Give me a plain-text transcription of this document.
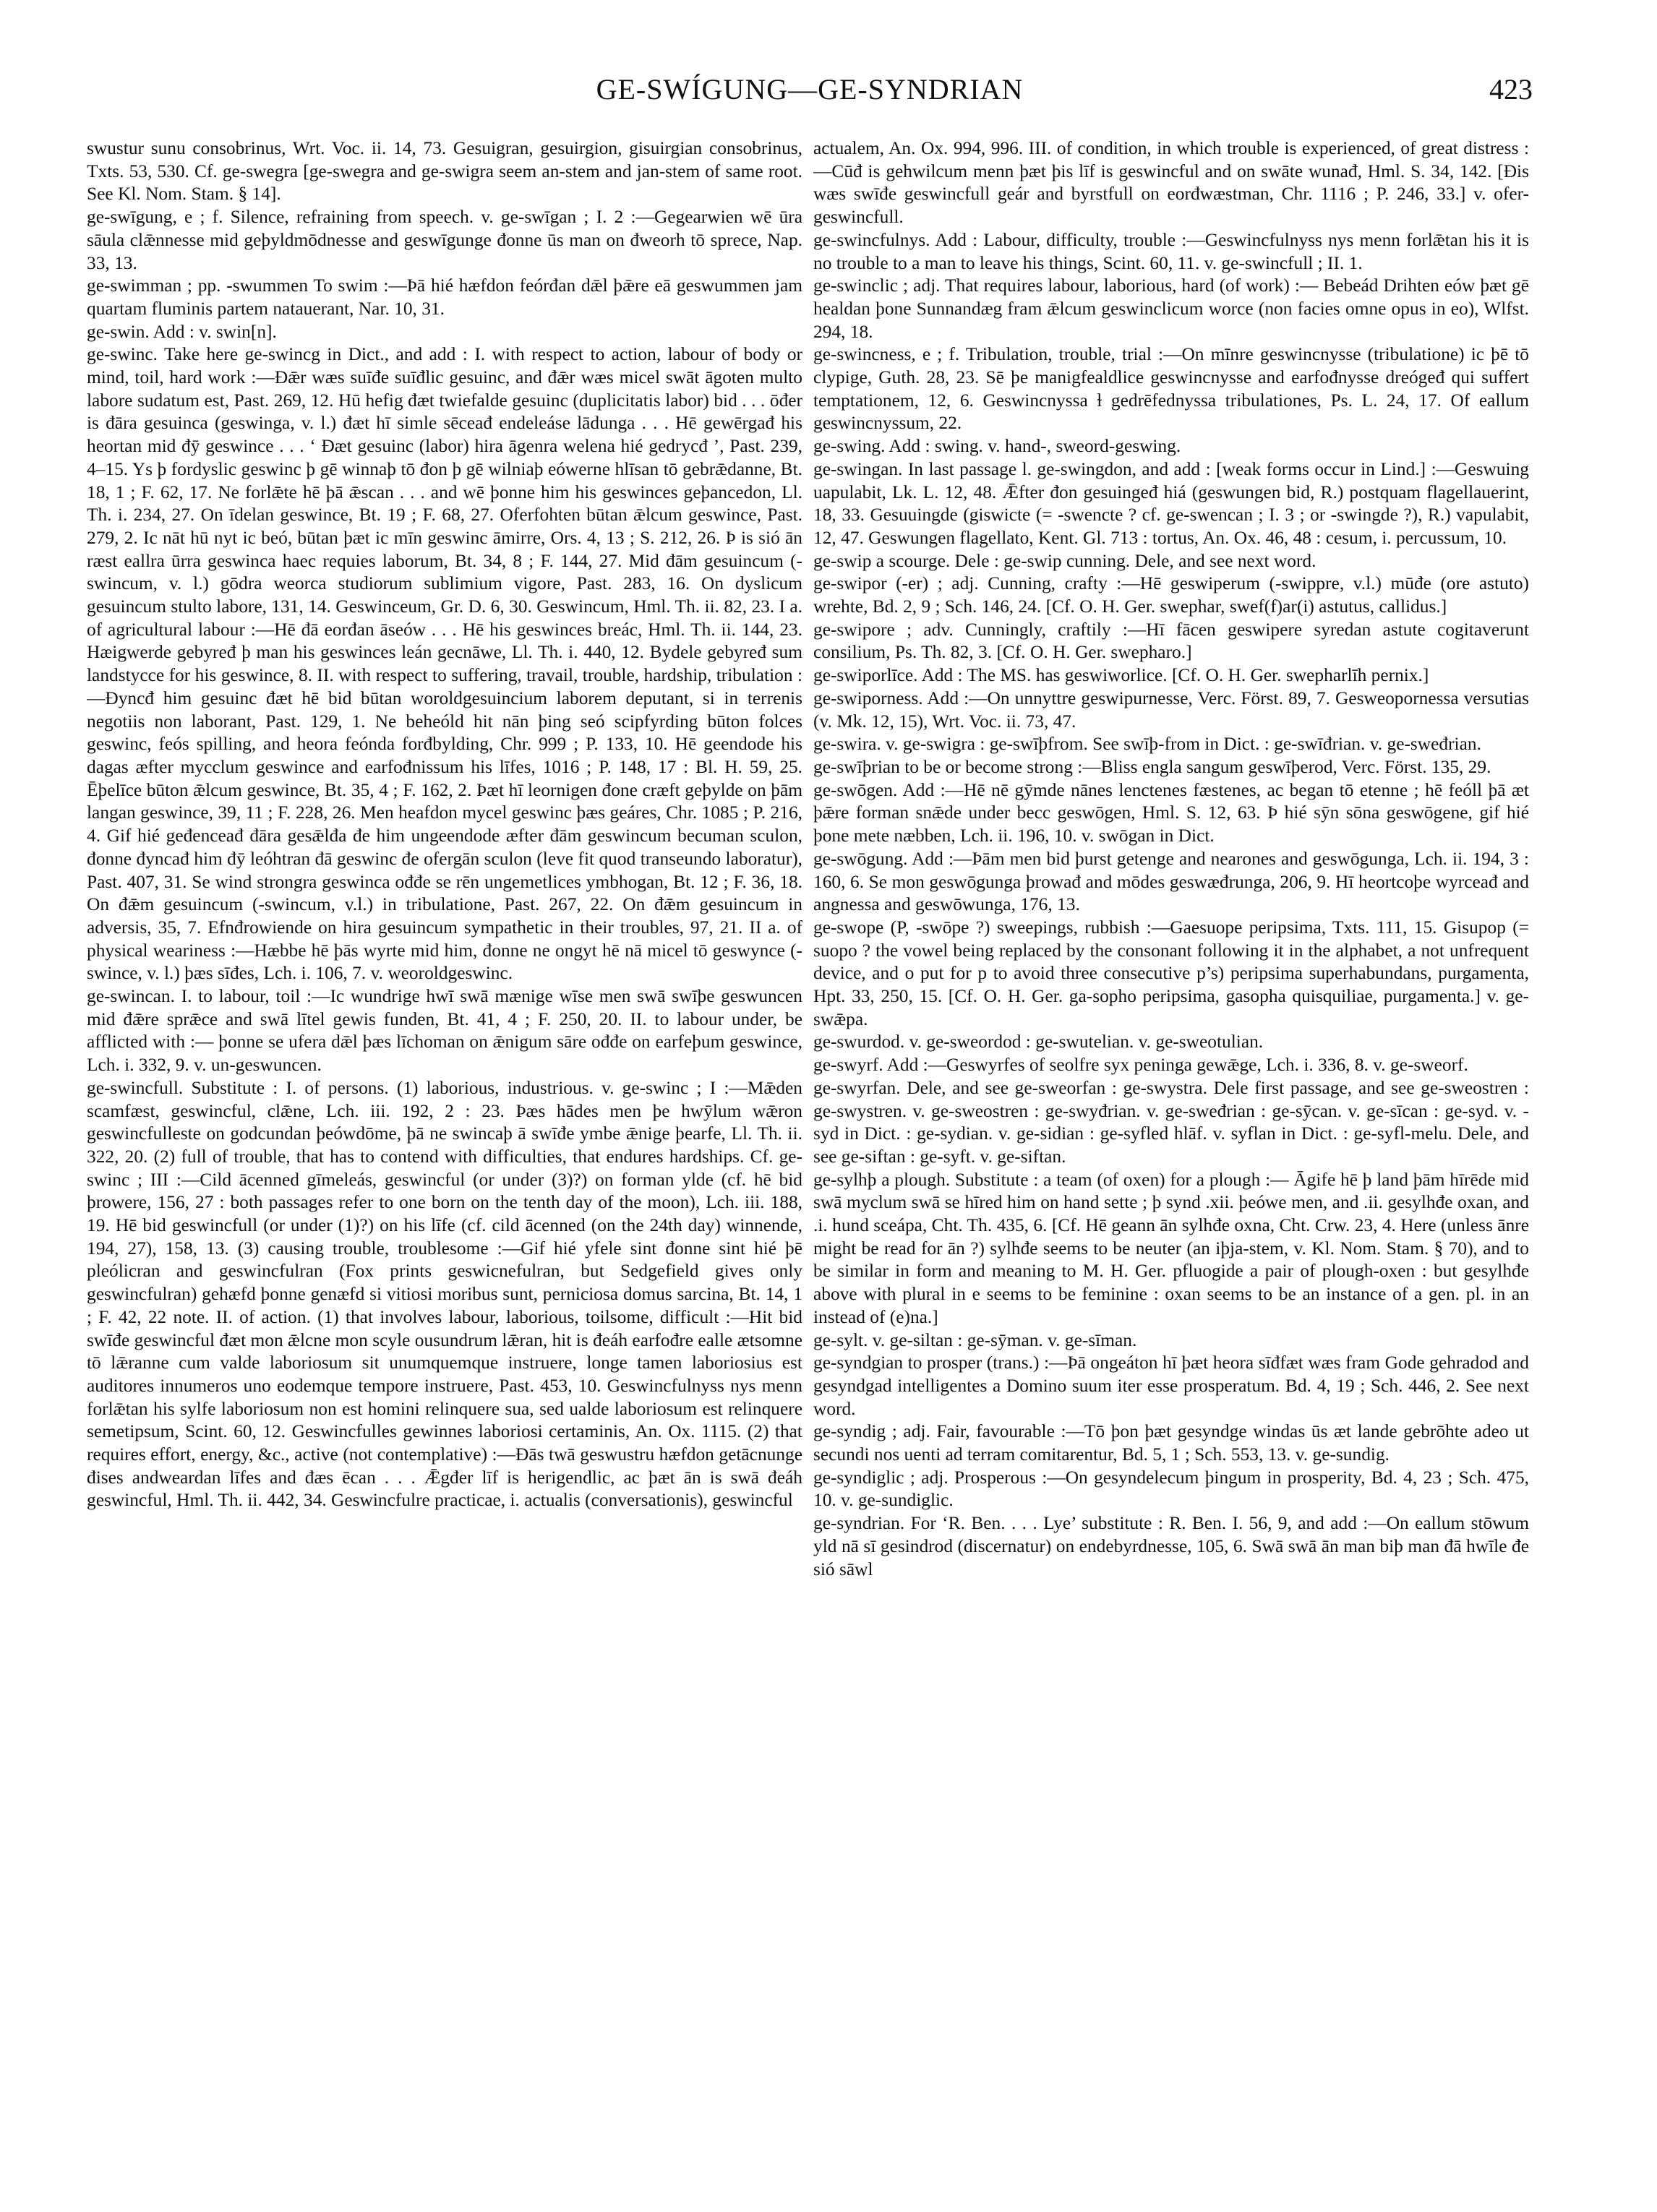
GE-SWÍGUNG—GE-SYNDRIAN	423

swustur sunu consobrinus, Wrt. Voc. ii. 14, 73. Gesuigran, gesuirgion, gisuirgian consobrinus, Txts. 53, 530. Cf. ge-swegra [ge-swegra and ge-swigra seem an-stem and jan-stem of same root. See Kl. Nom. Stam. § 14].

ge-swīgung, e ; f. Silence, refraining from speech. v. ge-swīgan ; I. 2 :—Gegearwien wē ūra sāula clǣnnesse mid geþyldmōdnesse and geswīgunge đonne ūs man on đweorh tō sprece, Nap. 33, 13.

ge-swimman ; pp. -swummen To swim :—Þā hié hæfdon feórđan dǣl þǣre eā geswummen jam quartam fluminis partem natauerant, Nar. 10, 31.

ge-swin. Add : v. swin[n].

ge-swinc. Take here ge-swincg in Dict., and add : I. with respect to action, labour of body or mind, toil, hard work :—Đǣr wæs suīđe suīđlic gesuinc, and đǣr wæs micel swāt āgoten multo labore sudatum est, Past. 269, 12. Hū hefig đæt twiefalde gesuinc (duplicitatis labor) bid . . . ōđer is đāra gesuinca (geswinga, v. l.) đæt hī simle sēceađ endeleáse lādunga . . . Hē gewērgađ his heortan mid đӯ geswince . . . ‘ Đæt gesuinc (labor) hira āgenra welena hié gedrycđ ’, Past. 239, 4–15. Ys þ fordyslic geswinc þ gē winnaþ tō đon þ gē wilniaþ eówerne hlīsan tō gebrǣdanne, Bt. 18, 1 ; F. 62, 17. Ne forlǣte hē þā ǣscan . . . and wē þonne him his geswinces geþancedon, Ll. Th. i. 234, 27. On īdelan geswince, Bt. 19 ; F. 68, 27. Oferfohten būtan ǣlcum geswince, Past. 279, 2. Ic nāt hū nyt ic beó, būtan þæt ic mīn geswinc āmirre, Ors. 4, 13 ; S. 212, 26. Þ is sió ān ræst eallra ūrra geswinca haec requies laborum, Bt. 34, 8 ; F. 144, 27. Mid đām gesuincum (-swincum, v. l.) gōdra weorca studiorum sublimium vigore, Past. 283, 16. On dyslicum gesuincum stulto labore, 131, 14. Geswinceum, Gr. D. 6, 30. Geswincum, Hml. Th. ii. 82, 23. I a. of agricultural labour :—Hē đā eorđan āseów . . . Hē his geswinces breác, Hml. Th. ii. 144, 23. Hæigwerde gebyređ þ man his geswinces leán gecnāwe, Ll. Th. i. 440, 12. Bydele gebyređ sum landstycce for his geswince, 8. II. with respect to suffering, travail, trouble, hardship, tribulation :—Đyncđ him gesuinc đæt hē bid būtan woroldgesuincium laborem deputant, si in terrenis negotiis non laborant, Past. 129, 1. Ne beheóld hit nān þing seó scipfyrding būton folces geswinc, feós spilling, and heora feónda forđbylding, Chr. 999 ; P. 133, 10. Hē geendode his dagas æfter mycclum geswince and earfođnissum his līfes, 1016 ; P. 148, 17 : Bl. H. 59, 25. Ēþelīce būton ǣlcum geswince, Bt. 35, 4 ; F. 162, 2. Þæt hī leornigen đone cræft geþylde on þām langan geswince, 39, 11 ; F. 228, 26. Men heafdon mycel geswinc þæs geáres, Chr. 1085 ; P. 216, 4. Gif hié geđenceađ đāra gesǣlđa đe him ungeendode æfter đām geswincum becuman sculon, đonne đyncađ him đӯ leóhtran đā geswinc đe ofergān sculon (leve fit quod transeundo laboratur), Past. 407, 31. Se wind strongra geswinca ođđe se rēn ungemetlices ymbhogan, Bt. 12 ; F. 36, 18. On đǣm gesuincum (-swincum, v.l.) in tribulatione, Past. 267, 22. On đǣm gesuincum in adversis, 35, 7. Efnđrowiende on hira gesuincum sympathetic in their troubles, 97, 21. II a. of physical weariness :—Hæbbe hē þās wyrte mid him, đonne ne ongyt hē nā micel tō geswynce (-swince, v. l.) þæs sīđes, Lch. i. 106, 7. v. weoroldgeswinc.

ge-swincan. I. to labour, toil :—Ic wundrige hwī swā mænige wīse men swā swīþe geswuncen mid đǣre sprǣce and swā lītel gewis funden, Bt. 41, 4 ; F. 250, 20. II. to labour under, be afflicted with :— þonne se ufera dǣl þæs līchoman on ǣnigum sāre ođđe on earfeþum geswince, Lch. i. 332, 9. v. un-geswuncen.

ge-swincfull. Substitute : I. of persons. (1) laborious, industrious. v. ge-swinc ; I :—Mǣden scamfæst, geswincful, clǣne, Lch. iii. 192, 2 : 23. Þæs hādes men þe hwӯlum wǣron geswincfulleste on godcundan þeówdōme, þā ne swincaþ ā swīđe ymbe ǣnige þearfe, Ll. Th. ii. 322, 20. (2) full of trouble, that has to contend with difficulties, that endures hardships. Cf. ge-swinc ; III :—Cild ācenned gīmeleás, geswincful (or under (3)?) on forman ylde (cf. hē bid þrowere, 156, 27 : both passages refer to one born on the tenth day of the moon), Lch. iii. 188, 19. Hē bid geswincfull (or under (1)?) on his līfe (cf. cild ācenned (on the 24th day) winnende, 194, 27), 158, 13. (3) causing trouble, troublesome :—Gif hié yfele sint đonne sint hié þē pleólicran and geswincfulran (Fox prints geswicnefulran, but Sedgefield gives only geswincfulran) gehæfd þonne genæfd si vitiosi moribus sunt, perniciosa domus sarcina, Bt. 14, 1 ; F. 42, 22 note. II. of action. (1) that involves labour, laborious, toilsome, difficult :—Hit bid swīđe geswincful đæt mon ǣlcne mon scyle ousundrum lǣran, hit is đeáh earfođre ealle ætsomne tō lǣranne cum valde laboriosum sit unumquemque instruere, longe tamen laboriosius est auditores innumeros uno eodemque tempore instruere, Past. 453, 10. Geswincfulnyss nys menn forlǣtan his sylfe laboriosum non est homini relinquere sua, sed ualde laboriosum est relinquere semetipsum, Scint. 60, 12. Geswincfulles gewinnes laboriosi certaminis, An. Ox. 1115. (2) that requires effort, energy, &c., active (not contemplative) :—Đās twā geswustru hæfdon getācnunge đises andweardan līfes and đæs ēcan . . . Ǣgđer līf is herigendlic, ac þæt ān is swā đeáh geswincful, Hml. Th. ii. 442, 34. Geswincfulre practicae, i. actualis (conversationis), geswincful

actualem, An. Ox. 994, 996. III. of condition, in which trouble is experienced, of great distress :—Cūđ is gehwilcum menn þæt þis līf is geswincful and on swāte wunađ, Hml. S. 34, 142. [Đis wæs swīđe geswincfull geár and byrstfull on eorđwæstman, Chr. 1116 ; P. 246, 33.] v. ofer-geswincfull.

ge-swincfulnys. Add : Labour, difficulty, trouble :—Geswincfulnyss nys menn forlǣtan his it is no trouble to a man to leave his things, Scint. 60, 11. v. ge-swincfull ; II. 1.

ge-swinclic ; adj. That requires labour, laborious, hard (of work) :— Bebeád Drihten eów þæt gē healdan þone Sunnandæg fram ǣlcum geswinclicum worce (non facies omne opus in eo), Wlfst. 294, 18.

ge-swincness, e ; f. Tribulation, trouble, trial :—On mīnre geswincnysse (tribulatione) ic þē tō clypige, Guth. 28, 23. Sē þe manigfealdlice geswincnysse and earfođnysse dreógeđ qui suffert temptationem, 12, 6. Geswincnyssa ɫ gedrēfednyssa tribulationes, Ps. L. 24, 17. Of eallum geswincnyssum, 22.

ge-swing. Add : swing. v. hand-, sweord-geswing.

ge-swingan. In last passage l. ge-swingdon, and add : [weak forms occur in Lind.] :—Geswuing uapulabit, Lk. L. 12, 48. Ǣfter đon gesuingeđ hiá (geswungen bid, R.) postquam flagellauerint, 18, 33. Gesuuingde (giswicte (= -swencte ? cf. ge-swencan ; I. 3 ; or -swingde ?), R.) vapulabit, 12, 47. Geswungen flagellato, Kent. Gl. 713 : tortus, An. Ox. 46, 48 : cesum, i. percussum, 10.

ge-swip a scourge. Dele : ge-swip cunning. Dele, and see next word.

ge-swipor (-er) ; adj. Cunning, crafty :—Hē geswiperum (-swippre, v.l.) mūđe (ore astuto) wrehte, Bd. 2, 9 ; Sch. 146, 24. [Cf. O. H. Ger. swephar, swef(f)ar(i) astutus, callidus.]

ge-swipore ; adv. Cunningly, craftily :—Hī fācen geswipere syredan astute cogitaverunt consilium, Ps. Th. 82, 3. [Cf. O. H. Ger. swepharo.]

ge-swiporlīce. Add : The MS. has geswiworlice. [Cf. O. H. Ger. swepharlīh pernix.]

ge-swiporness. Add :—On unnyttre geswipurnesse, Verc. Först. 89, 7. Gesweopornessa versutias (v. Mk. 12, 15), Wrt. Voc. ii. 73, 47.

ge-swira. v. ge-swigra : ge-swīþfrom. See swīþ-from in Dict. : ge-swīđrian. v. ge-sweđrian.

ge-swīþrian to be or become strong :—Bliss engla sangum geswīþerod, Verc. Först. 135, 29.

ge-swōgen. Add :—Hē nē gӯmde nānes lenctenes fæstenes, ac began tō etenne ; hē feóll þā æt þǣre forman snǣde under becc geswōgen, Hml. S. 12, 63. Þ hié sӯn sōna geswōgene, gif hié þone mete næbben, Lch. ii. 196, 10. v. swōgan in Dict.

ge-swōgung. Add :—Þām men bid þurst getenge and nearones and geswōgunga, Lch. ii. 194, 3 : 160, 6. Se mon geswōgunga þrowađ and mōdes geswæđrunga, 206, 9. Hī heortcoþe wyrceađ and angnessa and geswōwunga, 176, 13.

ge-swope (P, -swōpe ?) sweepings, rubbish :—Gaesuope peripsima, Txts. 111, 15. Gisupop (= suopo ? the vowel being replaced by the consonant following it in the alphabet, a not unfrequent device, and o put for p to avoid three consecutive p’s) peripsima superhabundans, purgamenta, Hpt. 33, 250, 15. [Cf. O. H. Ger. ga-sopho peripsima, gasopha quisquiliae, purgamenta.] v. ge-swǣpa.

ge-swurdod. v. ge-sweordod : ge-swutelian. v. ge-sweotulian.

ge-swyrf. Add :—Geswyrfes of seolfre syx peninga gewǣge, Lch. i. 336, 8. v. ge-sweorf.

ge-swyrfan. Dele, and see ge-sweorfan : ge-swystra. Dele first passage, and see ge-sweostren : ge-swystren. v. ge-sweostren : ge-swyđrian. v. ge-sweđrian : ge-sӯcan. v. ge-sīcan : ge-syd. v. -syd in Dict. : ge-sydian. v. ge-sidian : ge-syfled hlāf. v. syflan in Dict. : ge-syfl-melu. Dele, and see ge-siftan : ge-syft. v. ge-siftan.

ge-sylhþ a plough. Substitute : a team (of oxen) for a plough :— Āgife hē þ land þām hīrēde mid swā myclum swā se hīred him on hand sette ; þ synd .xii. þeówe men, and .ii. gesylhđe oxan, and .i. hund sceápa, Cht. Th. 435, 6. [Cf. Hē geann ān sylhđe oxna, Cht. Crw. 23, 4. Here (unless ānre might be read for ān ?) sylhđe seems to be neuter (an iþja-stem, v. Kl. Nom. Stam. § 70), and to be similar in form and meaning to M. H. Ger. pfluogide a pair of plough-oxen : but gesylhđe above with plural in e seems to be feminine : oxan seems to be an instance of a gen. pl. in an instead of (e)na.]

ge-sylt. v. ge-siltan : ge-sӯman. v. ge-sīman.

ge-syndgian to prosper (trans.) :—Þā ongeáton hī þæt heora sīđfæt wæs fram Gode gehradod and gesyndgad intelligentes a Domino suum iter esse prosperatum. Bd. 4, 19 ; Sch. 446, 2. See next word.

ge-syndig ; adj. Fair, favourable :—Tō þon þæt gesyndge windas ūs æt lande gebrōhte adeo ut secundi nos uenti ad terram comitarentur, Bd. 5, 1 ; Sch. 553, 13. v. ge-sundig.

ge-syndiglic ; adj. Prosperous :—On gesyndelecum þingum in prosperity, Bd. 4, 23 ; Sch. 475, 10. v. ge-sundiglic.

ge-syndrian. For ‘R. Ben. . . . Lye’ substitute : R. Ben. I. 56, 9, and add :—On eallum stōwum yld nā sī gesindrod (discernatur) on endebyrdnesse, 105, 6. Swā swā ān man biþ man đā hwīle đe sió sāwl
